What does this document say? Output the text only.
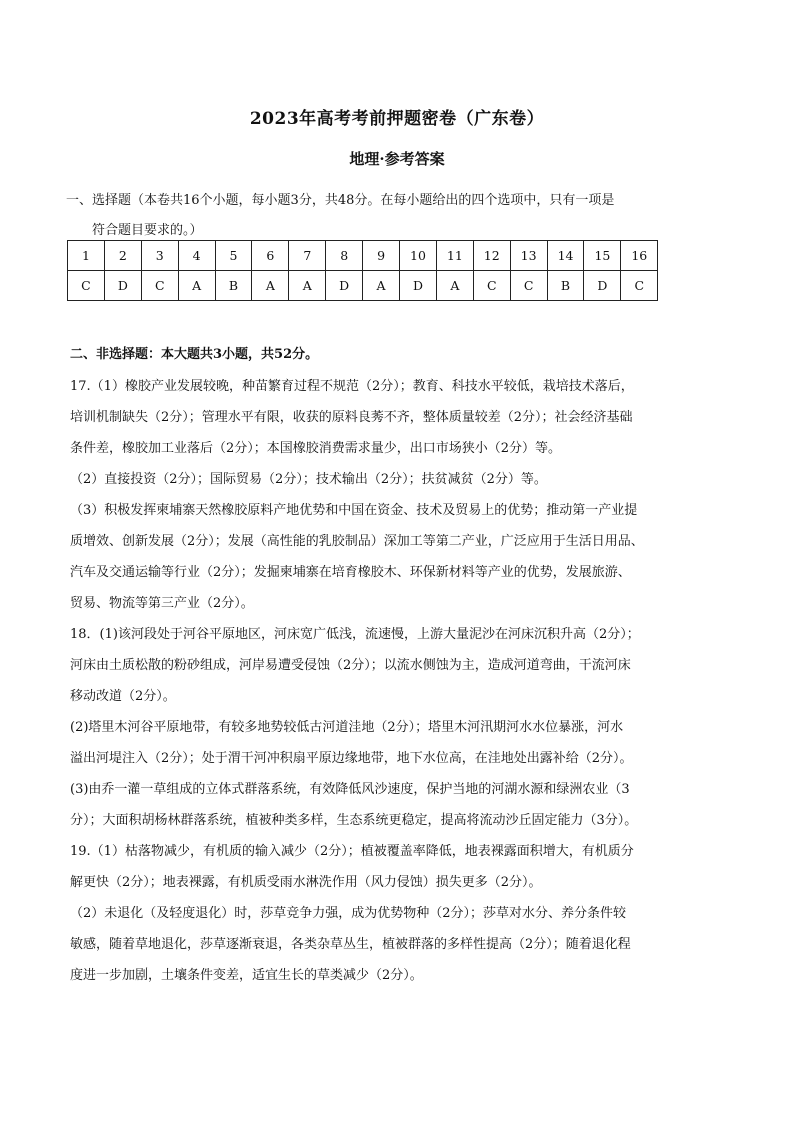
2023年高考考前押题密卷（广东卷）
地理·参考答案
一、选择题（本卷共16个小题，每小题3分，共48分。在每小题给出的四个选项中，只有一项是
符合题目要求的。）
1	2	3	4	5	6	7	8	9	10	11	12	13	14	15	16
C	D	C	A	B	A	A	D	A	D	A	C	C	B	D	C
二、非选择题：本大题共3小题，共52分。

17.（1）橡胶产业发展较晚，种苗繁育过程不规范（2分）；教育、科技水平较低，栽培技术落后，

培训机制缺失（2分）；管理水平有限，收获的原料良莠不齐，整体质量较差（2分）；社会经济基础

条件差，橡胶加工业落后（2分）；本国橡胶消费需求量少，出口市场狭小（2分）等。

（2）直接投资（2分）；国际贸易（2分）；技术输出（2分）；扶贫减贫（2分）等。

（3）积极发挥柬埔寨天然橡胶原料产地优势和中国在资金、技术及贸易上的优势；推动第一产业提

质增效、创新发展（2分）；发展（高性能的乳胶制品）深加工等第二产业，广泛应用于生活日用品、

汽车及交通运输等行业（2分）；发掘柬埔寨在培育橡胶木、环保新材料等产业的优势，发展旅游、

贸易、物流等第三产业（2分）。

18．(1)该河段处于河谷平原地区，河床宽广低浅，流速慢，上游大量泥沙在河床沉积升高（2分）；

河床由土质松散的粉砂组成，河岸易遭受侵蚀（2分）；以流水侧蚀为主，造成河道弯曲，干流河床

移动改道（2分）。

(2)塔里木河谷平原地带，有较多地势较低古河道洼地（2分）；塔里木河汛期河水水位暴涨，河水

溢出河堤注入（2分）；处于渭干河冲积扇平原边缘地带，地下水位高，在洼地处出露补给（2分）。

(3)由乔一灌一草组成的立体式群落系统，有效降低风沙速度，保护当地的河湖水源和绿洲农业（3

分）；大面积胡杨林群落系统，植被种类多样，生态系统更稳定，提高将流动沙丘固定能力（3分）。

19.（1）枯落物减少，有机质的输入减少（2分）；植被覆盖率降低，地表裸露面积增大，有机质分

解更快（2分）；地表裸露，有机质受雨水淋洗作用（风力侵蚀）损失更多（2分）。

（2）未退化（及轻度退化）时，莎草竞争力强，成为优势物种（2分）；莎草对水分、养分条件较

敏感，随着草地退化，莎草逐渐衰退，各类杂草丛生，植被群落的多样性提高（2分）；随着退化程

度进一步加剧，土壤条件变差，适宜生长的草类减少（2分）。
